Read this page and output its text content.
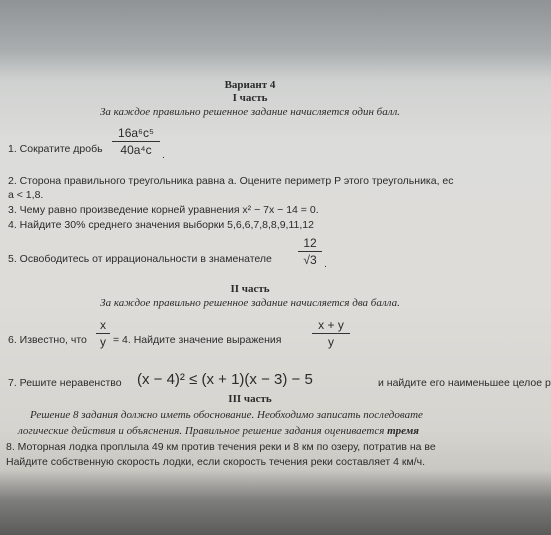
Вариант 4
I часть
За каждое правильно решенное задание начисляется один балл.
1. Сократите дробь
16a⁶c⁵
40a⁴c .
2. Сторона правильного треугольника равна a. Оцените периметр P этого треугольника, ес
a < 1,8.
3. Чему равно произведение корней уравнения x² − 7x − 14 = 0.
4. Найдите 30% среднего значения выборки 5,6,6,7,8,8,9,11,12
5. Освободитесь от иррациональности в знаменателе
12
√3 .
II часть
За каждое правильно решенное задание начисляется два балла.
6. Известно, что
x
y = 4. Найдите значение выражения
x + y
y
7. Решите неравенство (x − 4)² ≤ (x + 1)(x − 3) − 5	и найдите его наименьшее целое р
III часть
Решение 8 задания должно иметь обоснование. Необходимо записать последовате
логические действия и объяснения. Правильное решение задания оценивается тремя
8. Моторная лодка проплыла 49 км против течения реки и 8 км по озеру, потратив на ве
Найдите собственную скорость лодки, если скорость течения реки составляет 4 км/ч.
